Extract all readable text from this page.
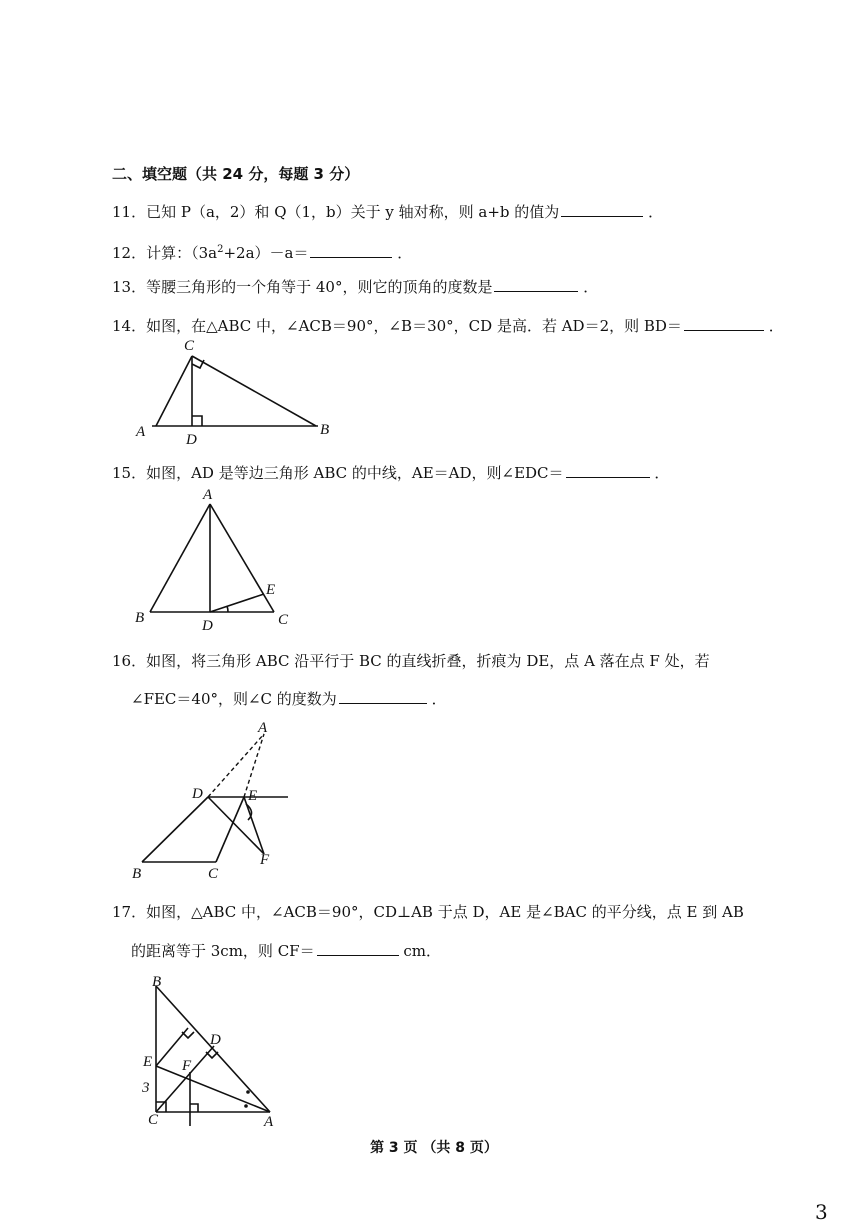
二、填空题（共 24 分，每题 3 分）
11．已知 P（a，2）和 Q（1，b）关于 y 轴对称，则 a+b 的值为	．
12．计算：$(3a^2+2a)-a=$	．
13．等腰三角形的一个角等于 40°，则它的顶角的度数是	．
14．如图，在△ABC 中，∠ACB＝90°，∠B＝30°，CD 是高．若 AD＝2，则 BD＝	．
C
A	D
B
15．如图，AD 是等边三角形 ABC 的中线，AE＝AD，则∠EDC＝	．
A
B	D	C
E
16．如图，将三角形 ABC 沿平行于 BC 的直线折叠，折痕为 DE，点 A 落在点 F 处，若
∠FEC＝40°，则∠C 的度数为	．
A
D	E
F
B	C
17．如图，△ABC 中，∠ACB＝90°，CD⊥AB 于点 D，AE 是∠BAC 的平分线，点 E 到 AB
的距离等于 3cm，则 CF＝	cm．
B
D
E F
C	A
3
第 3 页 （共 8 页）
3
